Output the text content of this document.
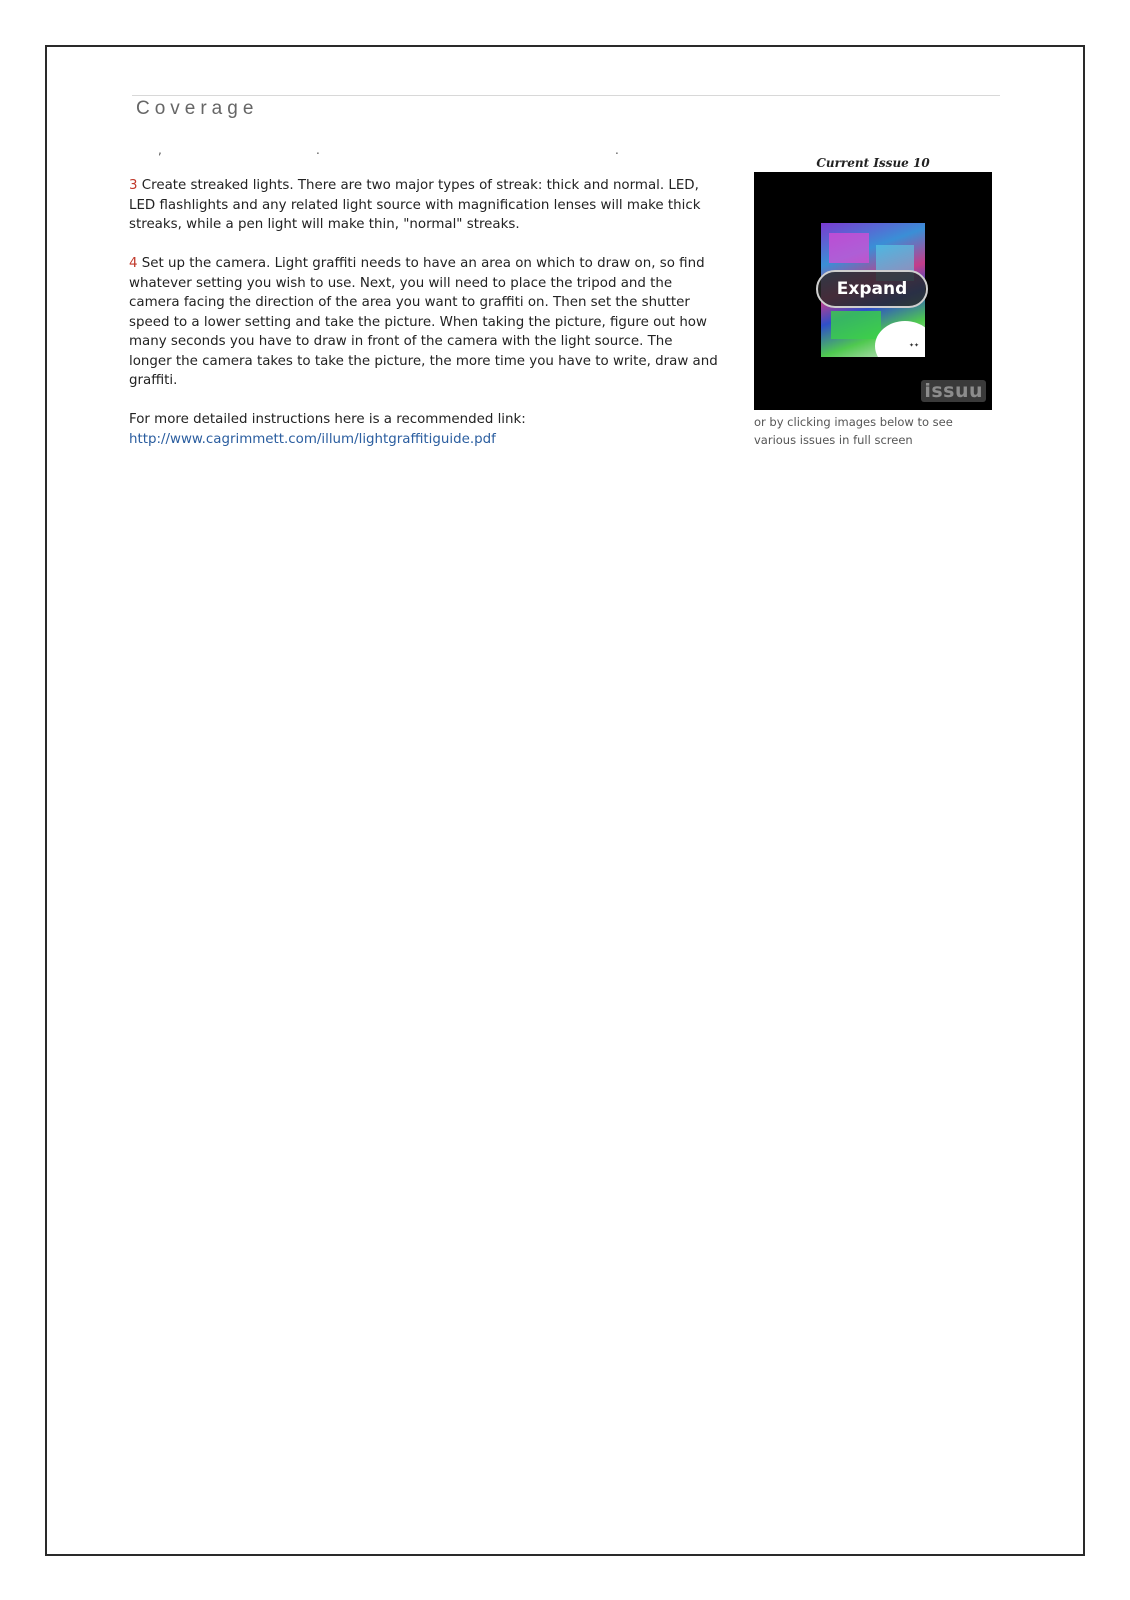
Coverage
,	.	.

3 Create streaked lights. There are two major types of streak: thick and normal. LED, LED flashlights and any related light source with magnification lenses will make thick streaks, while a pen light will make thin, "normal" streaks.

4 Set up the camera. Light graffiti needs to have an area on which to draw on, so find whatever setting you wish to use. Next, you will need to place the tripod and the camera facing the direction of the area you want to graffiti on. Then set the shutter speed to a lower setting and take the picture. When taking the picture, figure out how many seconds you have to draw in front of the camera with the light source. The longer the camera takes to take the picture, the more time you have to write, draw and graffiti.

For more detailed instructions here is a recommended link:
http://www.cagrimmett.com/illum/lightgraffitiguide.pdf

Current Issue 10
✦✦
Expand
issuu
or by clicking images below to see various issues in full screen
